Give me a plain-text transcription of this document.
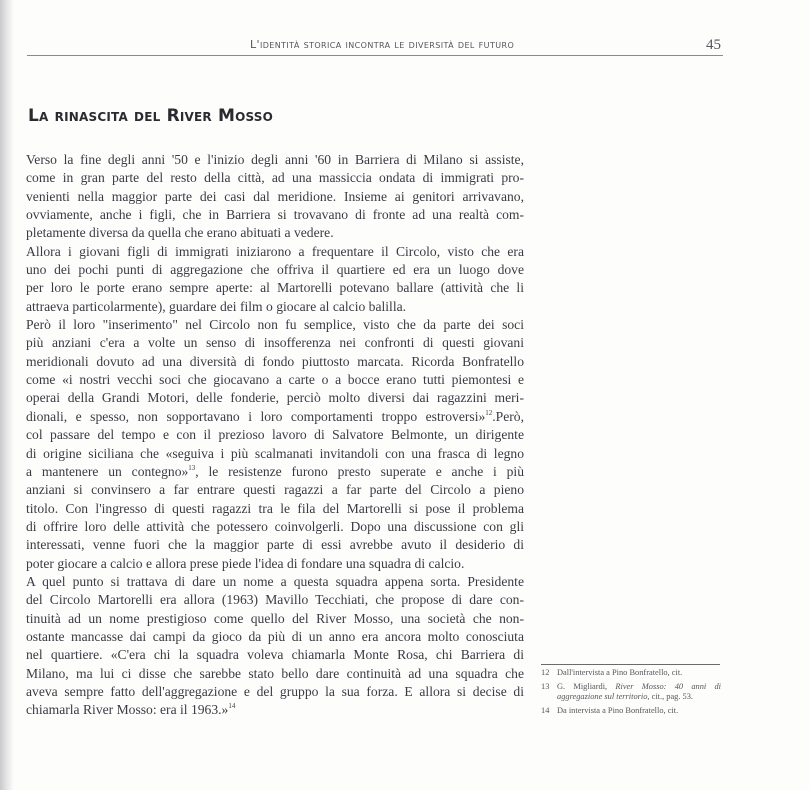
L'identità storica incontra le diversità del futuro	45
La rinascita del River Mosso
Verso la fine degli anni '50 e l'inizio degli anni '60 in Barriera di Milano si assiste,
come in gran parte del resto della città, ad una massiccia ondata di immigrati pro-
venienti nella maggior parte dei casi dal meridione. Insieme ai genitori arrivavano,
ovviamente, anche i figli, che in Barriera si trovavano di fronte ad una realtà com-
pletamente diversa da quella che erano abituati a vedere.
Allora i giovani figli di immigrati iniziarono a frequentare il Circolo, visto che era
uno dei pochi punti di aggregazione che offriva il quartiere ed era un luogo dove
per loro le porte erano sempre aperte: al Martorelli potevano ballare (attività che li
attraeva particolarmente), guardare dei film o giocare al calcio balilla.
Però il loro "inserimento" nel Circolo non fu semplice, visto che da parte dei soci
più anziani c'era a volte un senso di insofferenza nei confronti di questi giovani
meridionali dovuto ad una diversità di fondo piuttosto marcata. Ricorda Bonfratello
come «i nostri vecchi soci che giocavano a carte o a bocce erano tutti piemontesi e
operai della Grandi Motori, delle fonderie, perciò molto diversi dai ragazzini meri-
dionali, e spesso, non sopportavano i loro comportamenti troppo estroversi»$^{12}$.Però,
col passare del tempo e con il prezioso lavoro di Salvatore Belmonte, un dirigente
di origine siciliana che «seguiva i più scalmanati invitandoli con una frasca di legno
a mantenere un contegno»$^{13}$, le resistenze furono presto superate e anche i più
anziani si convinsero a far entrare questi ragazzi a far parte del Circolo a pieno
titolo. Con l'ingresso di questi ragazzi tra le fila del Martorelli si pose il problema
di offrire loro delle attività che potessero coinvolgerli. Dopo una discussione con gli
interessati, venne fuori che la maggior parte di essi avrebbe avuto il desiderio di
poter giocare a calcio e allora prese piede l'idea di fondare una squadra di calcio.
A quel punto si trattava di dare un nome a questa squadra appena sorta. Presidente
del Circolo Martorelli era allora (1963) Mavillo Tecchiati, che propose di dare con-
tinuità ad un nome prestigioso come quello del River Mosso, una società che non-
ostante mancasse dai campi da gioco da più di un anno era ancora molto conosciuta
nel quartiere. «C'era chi la squadra voleva chiamarla Monte Rosa, chi Barriera di
Milano, ma lui ci disse che sarebbe stato bello dare continuità ad una squadra che
aveva sempre fatto dell'aggregazione e del gruppo la sua forza. E allora si decise di
chiamarla River Mosso: era il 1963.»$^{14}$
12 Dall'intervista a Pino Bonfratello, cit.
13 G. Migliardi, River Mosso: 40 anni di aggregazione sul territorio, cit., pag. 53.
14 Da intervista a Pino Bonfratello, cit.
